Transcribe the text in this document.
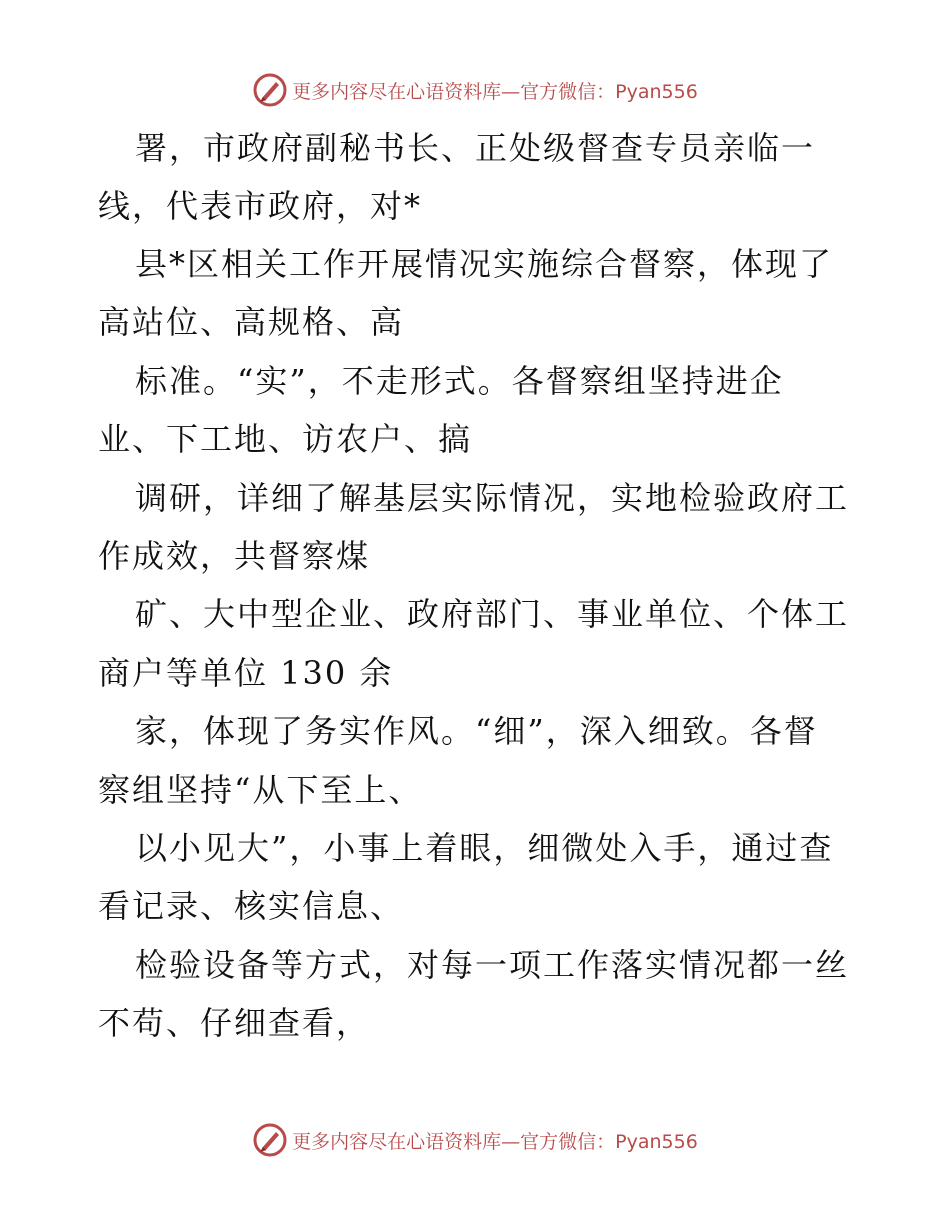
更多内容尽在心语资料库—官方微信：Pyan556
署，市政府副秘书长、正处级督查专员亲临一
线，代表市政府，对*
县*区相关工作开展情况实施综合督察，体现了
高站位、高规格、高
标准。“实”，不走形式。各督察组坚持进企
业、下工地、访农户、搞
调研，详细了解基层实际情况，实地检验政府工
作成效，共督察煤
矿、大中型企业、政府部门、事业单位、个体工
商户等单位 130 余
家，体现了务实作风。“细”，深入细致。各督
察组坚持“从下至上、
以小见大”，小事上着眼，细微处入手，通过查
看记录、核实信息、
检验设备等方式，对每一项工作落实情况都一丝
不苟、仔细查看，
更多内容尽在心语资料库—官方微信：Pyan556
